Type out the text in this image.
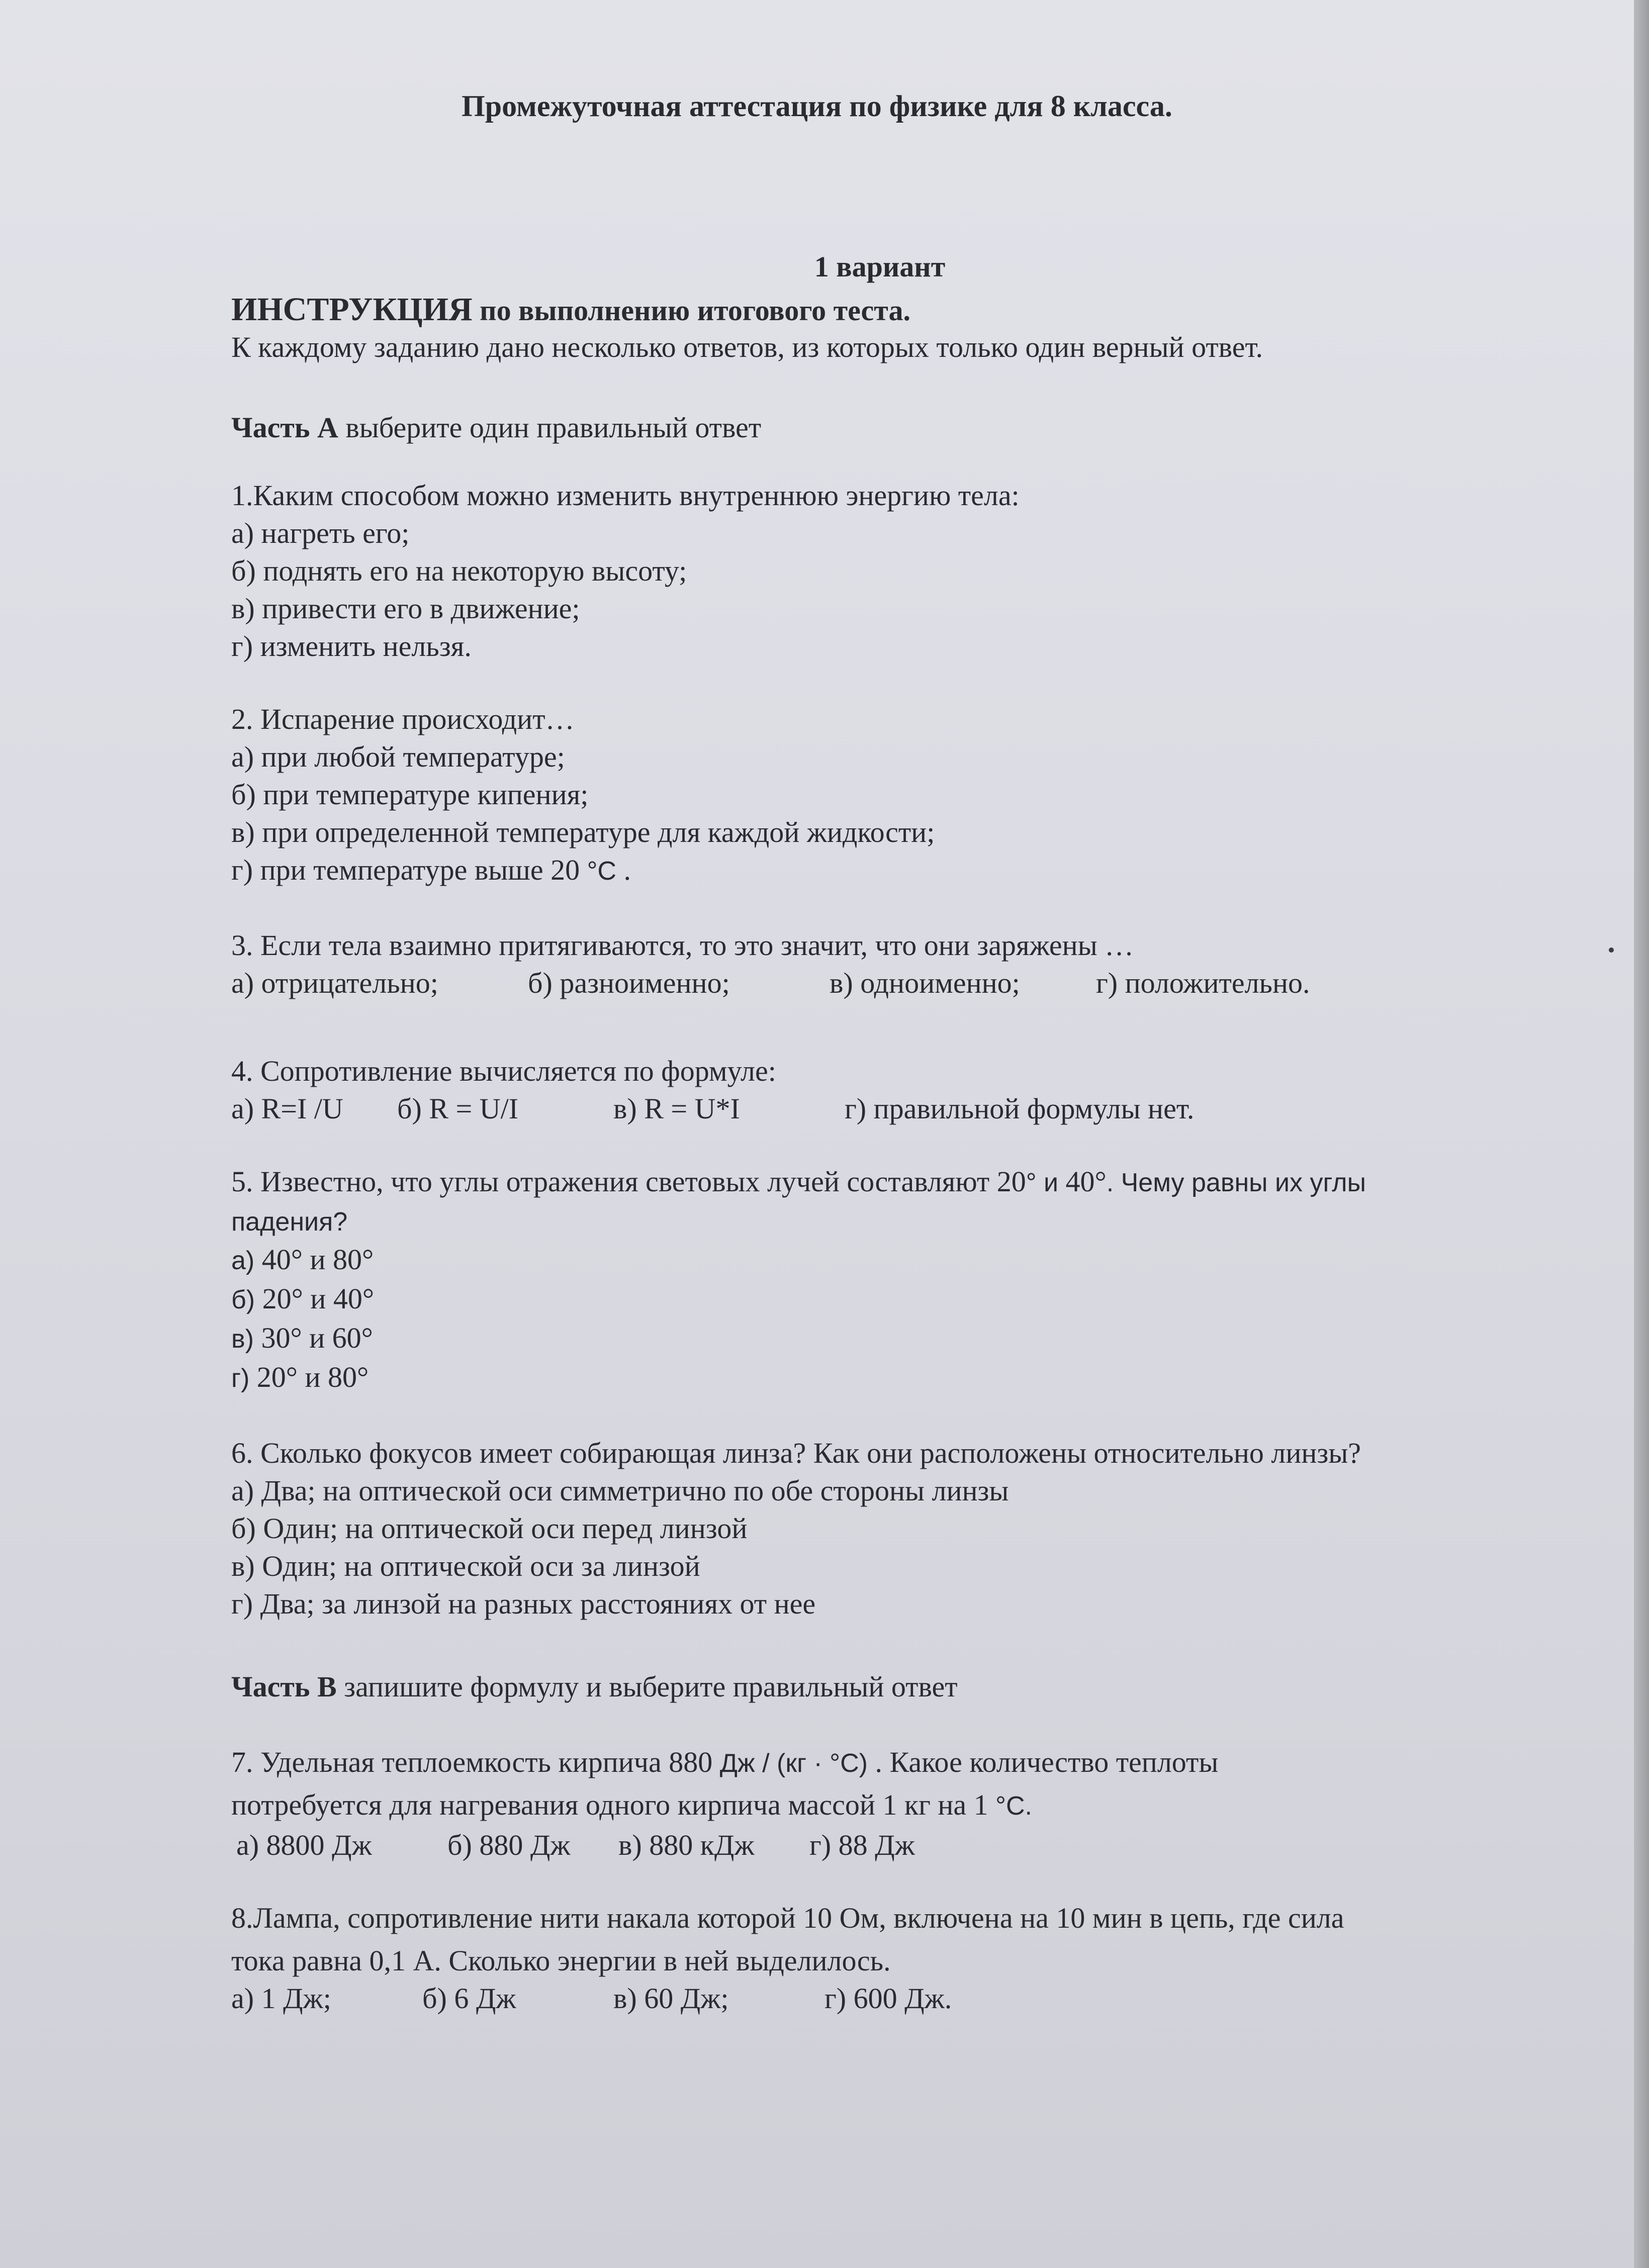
Промежуточная аттестация по физике для 8 класса.
1 вариант
ИНСТРУКЦИЯ по выполнению итогового теста.
К каждому заданию дано несколько ответов, из которых только один верный ответ.
Часть А выберите один правильный ответ
1.Каким способом можно изменить внутреннюю энергию тела:
а) нагреть его;
б) поднять его на некоторую высоту;
в) привести его в движение;
г) изменить нельзя.
2. Испарение происходит…
а) при любой температуре;
б) при температуре кипения;
в) при определенной температуре для каждой жидкости;
г) при температуре выше 20 °C .
3. Если тела взаимно притягиваются, то это значит, что они заряжены …
а) отрицательно;	б) разноименно;	в) одноименно;	г) положительно.
4. Сопротивление вычисляется по формуле:
а) R=I /U б) R = U/I	в) R = U*I	г) правильной формулы нет.
5. Известно, что углы отражения световых лучей составляют 20° и 40°. Чему равны их углы
падения?
а) 40° и 80°
б) 20° и 40°
в) 30° и 60°
г) 20° и 80°
6. Сколько фокусов имеет собирающая линза? Как они расположены относительно линзы?
а) Два; на оптической оси симметрично по обе стороны линзы
б) Один; на оптической оси перед линзой
в) Один; на оптической оси за линзой
г) Два; за линзой на разных расстояниях от нее
Часть В запишите формулу и выберите правильный ответ
7. Удельная теплоемкость кирпича 880 Дж / (кг · °С) . Какое количество теплоты
потребуется для нагревания одного кирпича массой 1 кг на 1 °С.
а) 8800 Дж	б) 880 Дж в) 880 кДж г) 88 Дж
8.Лампа, сопротивление нити накала которой 10 Ом, включена на 10 мин в цепь, где сила
тока равна 0,1 А. Сколько энергии в ней выделилось.
а) 1 Дж;	б) 6 Дж	в) 60 Дж;	г) 600 Дж.
